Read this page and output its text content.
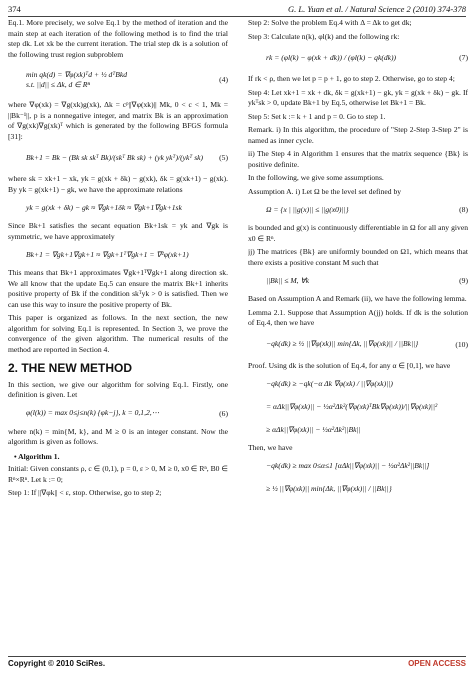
374	G. L. Yuan et al. / Natural Science 2 (2010) 374-378

Eq.1. More precisely, we solve Eq.1 by the method of iteration and the main step at each iteration of the following method is to find the trial step dk. Let xk be the current iteration. The trial step dk is a solution of the following trust region subproblem

min qk(d) = ∇φ(xk)ᵀd + ½ dᵀBkd
s.t. ||d|| ≤ Δk, d ∈ Rⁿ
(4)

where ∇φ(xk) = ∇g(xk)g(xk), Δk = cᵖ||∇φ(xk)|| Mk, 0 < c < 1, Mk = ||Bk⁻¹||, p is a nonnegative integer, and matrix Bk is an approximation of ∇g(xk)∇g(xk)ᵀ which is generated by the following BFGS formula [31]:

Bk+1 = Bk − (Bk sk skᵀ Bk)/(skᵀ Bk sk) + (yk ykᵀ)/(ykᵀ sk) (5)

where sk = xk+1 − xk, yk = g(xk + δk) − g(xk), δk = g(xk+1) − g(xk). By yk = g(xk+1) − gk, we have the approximate relations

yk = g(xk + δk) − gk ≈ ∇gk+1δk ≈ ∇gk+1∇gk+1sk

Since Bk+1 satisfies the secant equation Bk+1sk = yk and ∇gk is symmetric, we have approximately

Bk+1 = ∇gk+1∇gk+1 ≈ ∇gk+1ᵀ∇gk+1 = ∇²φ(xk+1)

This means that Bk+1 approximates ∇gk+1ᵀ∇gk+1 along direction sk. We all know that the update Eq.5 can ensure the matrix Bk+1 inherits positive property of Bk if the condition skᵀyk > 0 is satisfied. Then we can use this way to insure the positive property of Bk.

This paper is organized as follows. In the next section, the new algorithm for solving Eq.1 is represented. In Section 3, we prove the convergence of the given algorithm. The numerical results of the method are reported in Section 4.

2. THE NEW METHOD

In this section, we give our algorithm for solving Eq.1. Firstly, one definition is given. Let

φ(l(k)) = max 0≤j≤n(k) {φk−j}, k = 0,1,2,⋯	(6)

where n(k) = min{M, k}, and M ≥ 0 is an integer constant. Now the algorithm is given as follows.

• Algorithm 1.

Initial: Given constants ρ, c ∈ (0,1), p = 0, ε > 0, M ≥ 0, x0 ∈ Rⁿ, B0 ∈ Rⁿ×Rⁿ. Let k := 0;

Step 1: If ||∇φk|| < ε, stop. Otherwise, go to step 2;

Step 2: Solve the problem Eq.4 with Δ = Δk to get dk;

Step 3: Calculate n(k), φl(k) and the following rk:

rk = (φl(k) − φ(xk + dk)) / (φl(k) − qk(dk))	(7)

If rk < ρ, then we let p = p + 1, go to step 2. Otherwise, go to step 4;

Step 4: Let xk+1 = xk + dk, δk = g(xk+1) − gk, yk = g(xk + δk) − gk. If ykᵀsk > 0, update Bk+1 by Eq.5, otherwise let Bk+1 = Bk.

Step 5: Set k := k + 1 and p = 0. Go to step 1.

Remark. i) In this algorithm, the procedure of "Step 2-Step 3-Step 2" is named as inner cycle.

ii) The Step 4 in Algorithm 1 ensures that the matrix sequence {Bk} is positive definite.

In the following, we give some assumptions.

Assumption A. i) Let Ω be the level set defined by

Ω = {x | ||g(x)|| ≤ ||g(x0)||}	(8)

is bounded and g(x) is continuously differentiable in Ω for all any given x0 ∈ Rⁿ.

jj) The matrices {Bk} are uniformly bounded on Ω1, which means that there exists a positive constant M such that

||Bk|| ≤ M, ∀k	(9)

Based on Assumption A and Remark (ii), we have the following lemma.

Lemma 2.1. Suppose that Assumption A(jj) holds. If dk is the solution of Eq.4, then we have

−qk(dk) ≥ ½ ||∇φ(xk)|| min{Δk, ||∇φ(xk)|| / ||Bk||}	(10)

Proof. Using dk is the solution of Eq.4, for any α ∈ [0,1], we have

−qk(dk) ≥ −qk(−α Δk ∇φ(xk) / ||∇φ(xk)||)
= αΔk||∇φ(xk)|| − ½α²Δk²(∇φ(xk)ᵀBk∇φ(xk))/||∇φ(xk)||²
≥ αΔk||∇φ(xk)|| − ½α²Δk²||Bk||

Then, we have

−qk(dk) ≥ max 0≤α≤1 [αΔk||∇φ(xk)|| − ½α²Δk²||Bk||]
≥ ½ ||∇φ(xk)|| min{Δk, ||∇φ(xk)|| / ||Bk||}
Copyright © 2010 SciRes.	OPEN ACCESS
